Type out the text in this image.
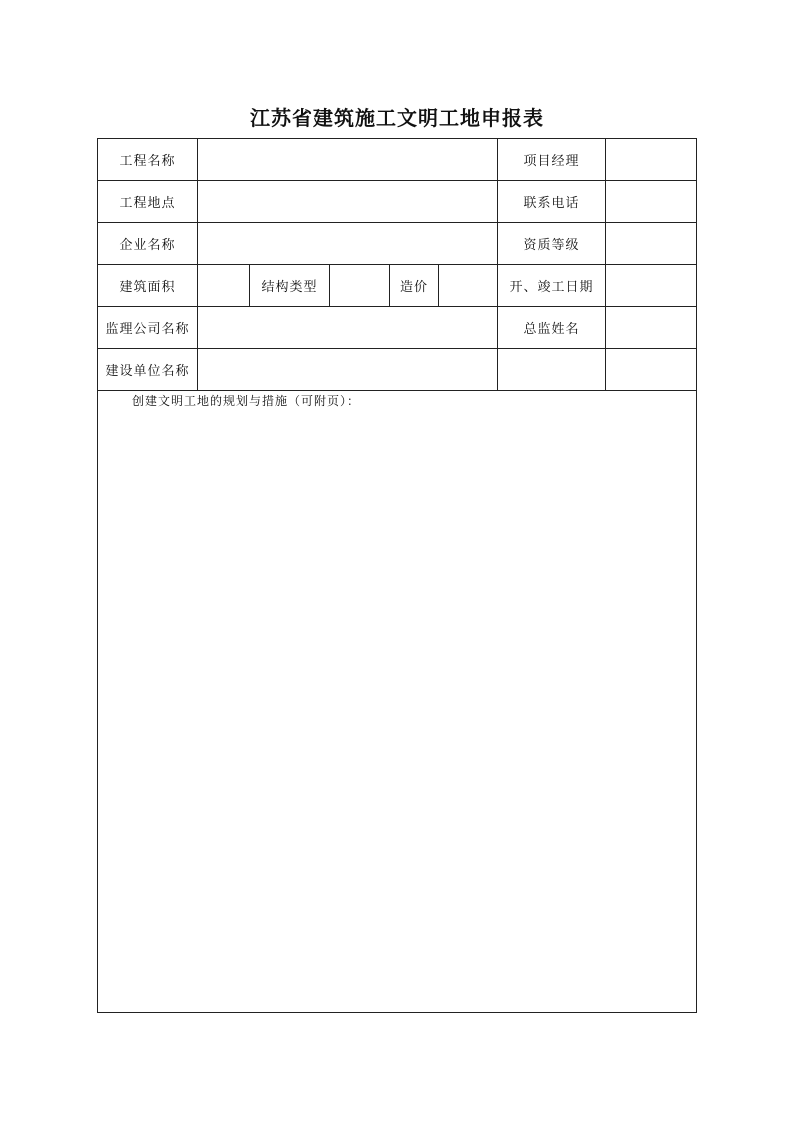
江苏省建筑施工文明工地申报表
工程名称	项目经理
工程地点	联系电话
企业名称	资质等级
建筑面积	结构类型	造价	开、竣工日期
监理公司名称	总监姓名
建设单位名称
创建文明工地的规划与措施（可附页）：
